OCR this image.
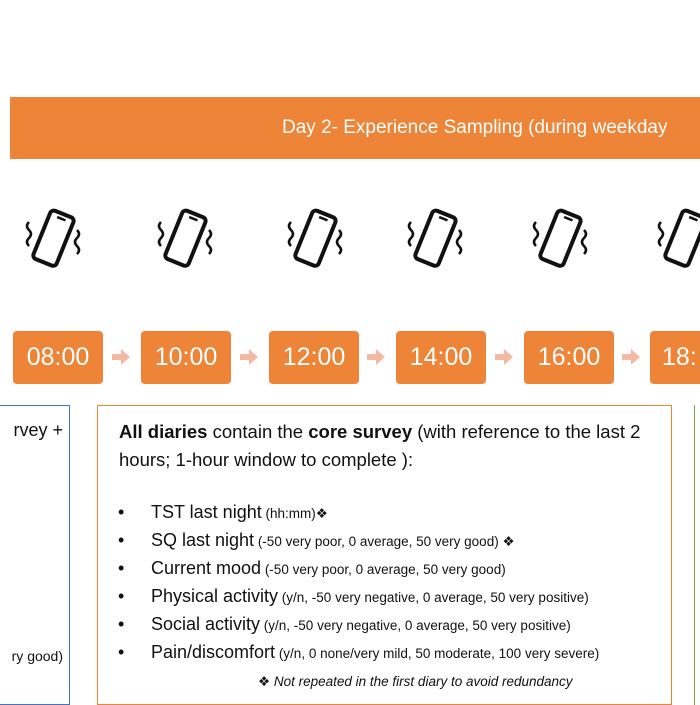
Day 2- Experience Sampling (during weekday
08:00	10:00	12:00	14:00	16:00	18:
rvey +
ry good)
All diaries contain the core survey (with reference to the last 2 hours; 1-hour window to complete ):
• TST last night (hh:mm)❖
• SQ last night (-50 very poor, 0 average, 50 very good) ❖
• Current mood (-50 very poor, 0 average, 50 very good)
• Physical activity (y/n, -50 very negative, 0 average, 50 very positive)
• Social activity (y/n, -50 very negative, 0 average, 50 very positive)
• Pain/discomfort (y/n, 0 none/very mild, 50 moderate, 100 very severe)
❖ Not repeated in the first diary to avoid redundancy
